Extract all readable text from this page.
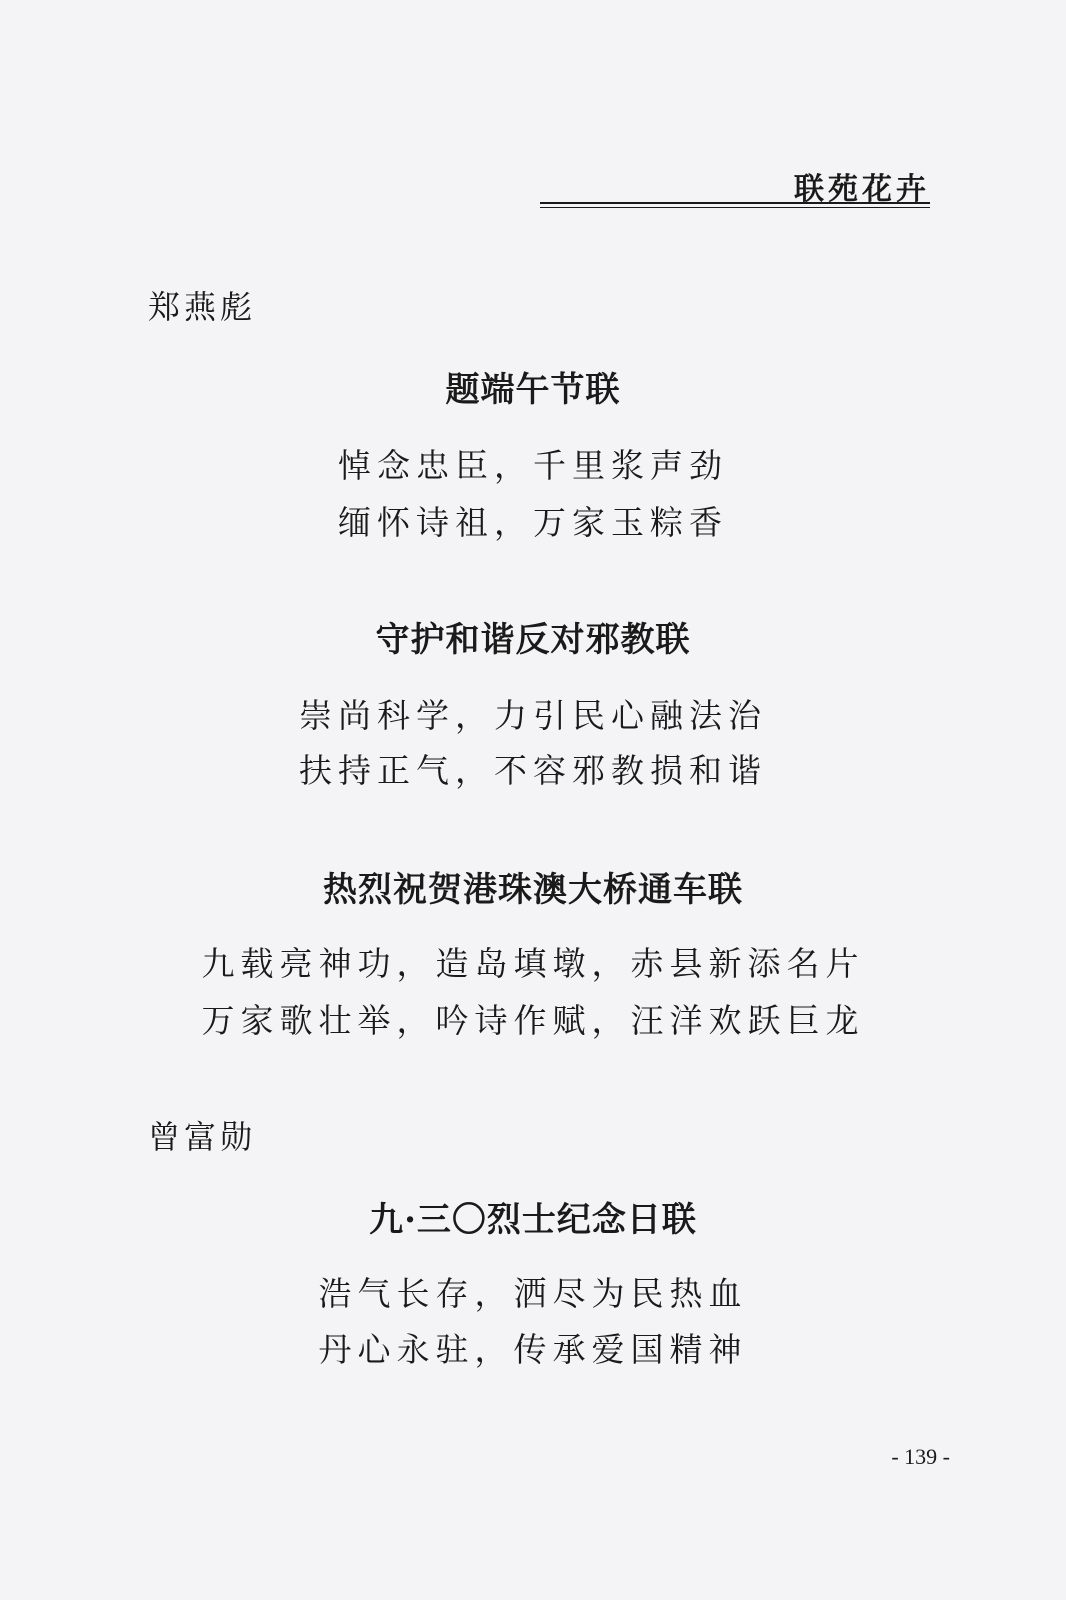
联苑花卉
郑燕彪
题端午节联
悼念忠臣，千里浆声劲
缅怀诗祖，万家玉粽香
守护和谐反对邪教联
崇尚科学，力引民心融法治
扶持正气，不容邪教损和谐
热烈祝贺港珠澳大桥通车联
九载亮神功，造岛填墩，赤县新添名片
万家歌壮举，吟诗作赋，汪洋欢跃巨龙
曾富勋
九·三〇烈士纪念日联
浩气长存，洒尽为民热血
丹心永驻，传承爱国精神
- 139 -
